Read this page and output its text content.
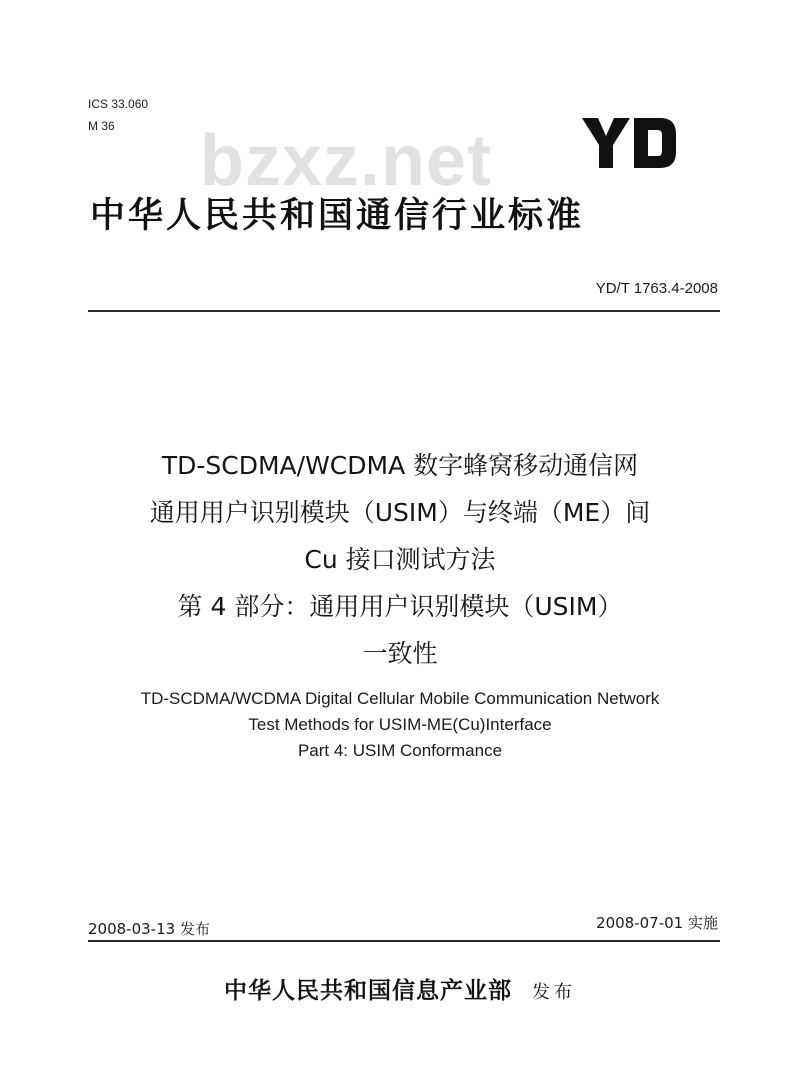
ICS 33.060
M 36	bzxz.net
中华人民共和国通信行业标准
YD/T 1763.4-2008
TD-SCDMA/WCDMA 数字蜂窝移动通信网
通用用户识别模块（USIM）与终端（ME）间
Cu 接口测试方法
第 4 部分：通用用户识别模块（USIM）
一致性
TD-SCDMA/WCDMA Digital Cellular Mobile Communication Network
Test Methods for USIM-ME(Cu)Interface
Part 4: USIM Conformance
2008-03-13 发布	2008-07-01 实施
中华人民共和国信息产业部 发布
